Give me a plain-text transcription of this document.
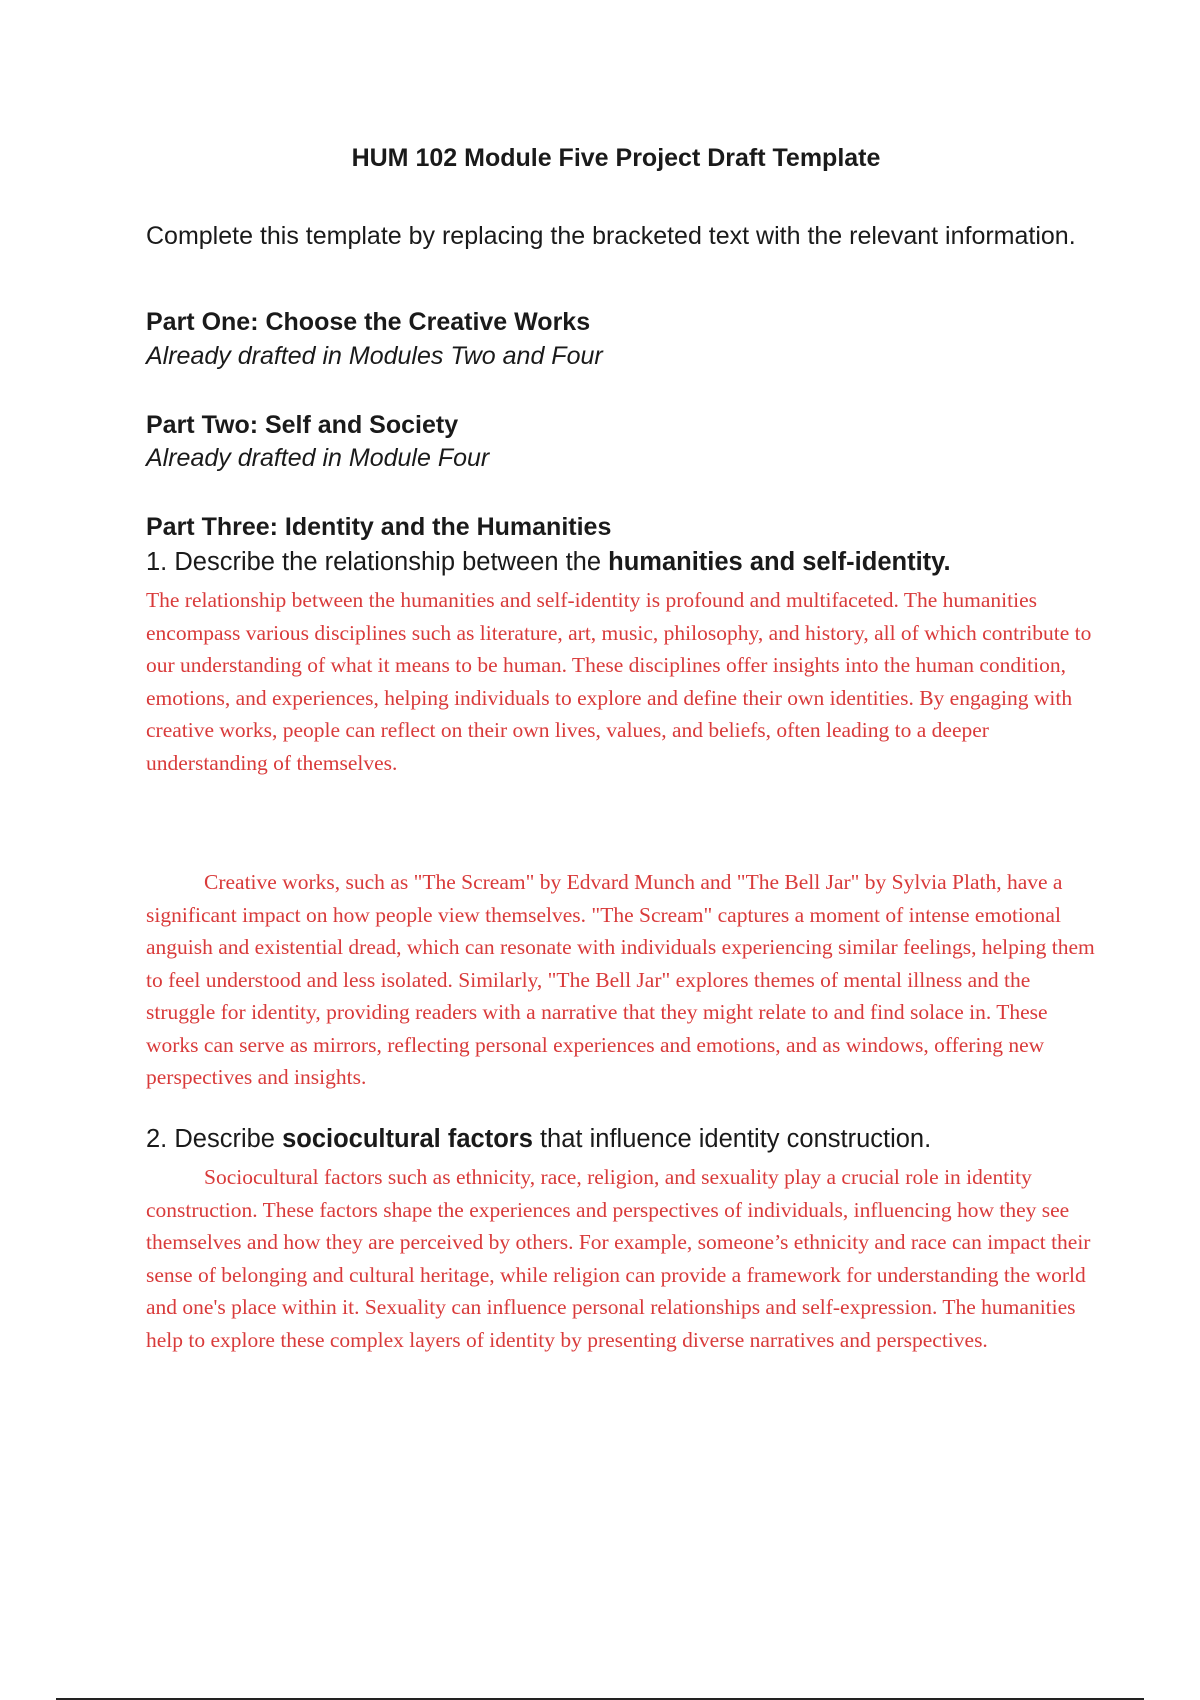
HUM 102 Module Five Project Draft Template

Complete this template by replacing the bracketed text with the relevant information.

Part One: Choose the Creative Works

Already drafted in Modules Two and Four

Part Two: Self and Society

Already drafted in Module Four

Part Three: Identity and the Humanities

1. Describe the relationship between the humanities and self-identity.

The relationship between the humanities and self-identity is profound and multifaceted. The humanities encompass various disciplines such as literature, art, music, philosophy, and history, all of which contribute to our understanding of what it means to be human. These disciplines offer insights into the human condition, emotions, and experiences, helping individuals to explore and define their own identities. By engaging with creative works, people can reflect on their own lives, values, and beliefs, often leading to a deeper understanding of themselves.

Creative works, such as "The Scream" by Edvard Munch and "The Bell Jar" by Sylvia Plath, have a significant impact on how people view themselves. "The Scream" captures a moment of intense emotional anguish and existential dread, which can resonate with individuals experiencing similar feelings, helping them to feel understood and less isolated. Similarly, "The Bell Jar" explores themes of mental illness and the struggle for identity, providing readers with a narrative that they might relate to and find solace in. These works can serve as mirrors, reflecting personal experiences and emotions, and as windows, offering new perspectives and insights.

2. Describe sociocultural factors that influence identity construction.

Sociocultural factors such as ethnicity, race, religion, and sexuality play a crucial role in identity construction. These factors shape the experiences and perspectives of individuals, influencing how they see themselves and how they are perceived by others. For example, someone’s ethnicity and race can impact their sense of belonging and cultural heritage, while religion can provide a framework for understanding the world and one's place within it. Sexuality can influence personal relationships and self-expression. The humanities help to explore these complex layers of identity by presenting diverse narratives and perspectives.
